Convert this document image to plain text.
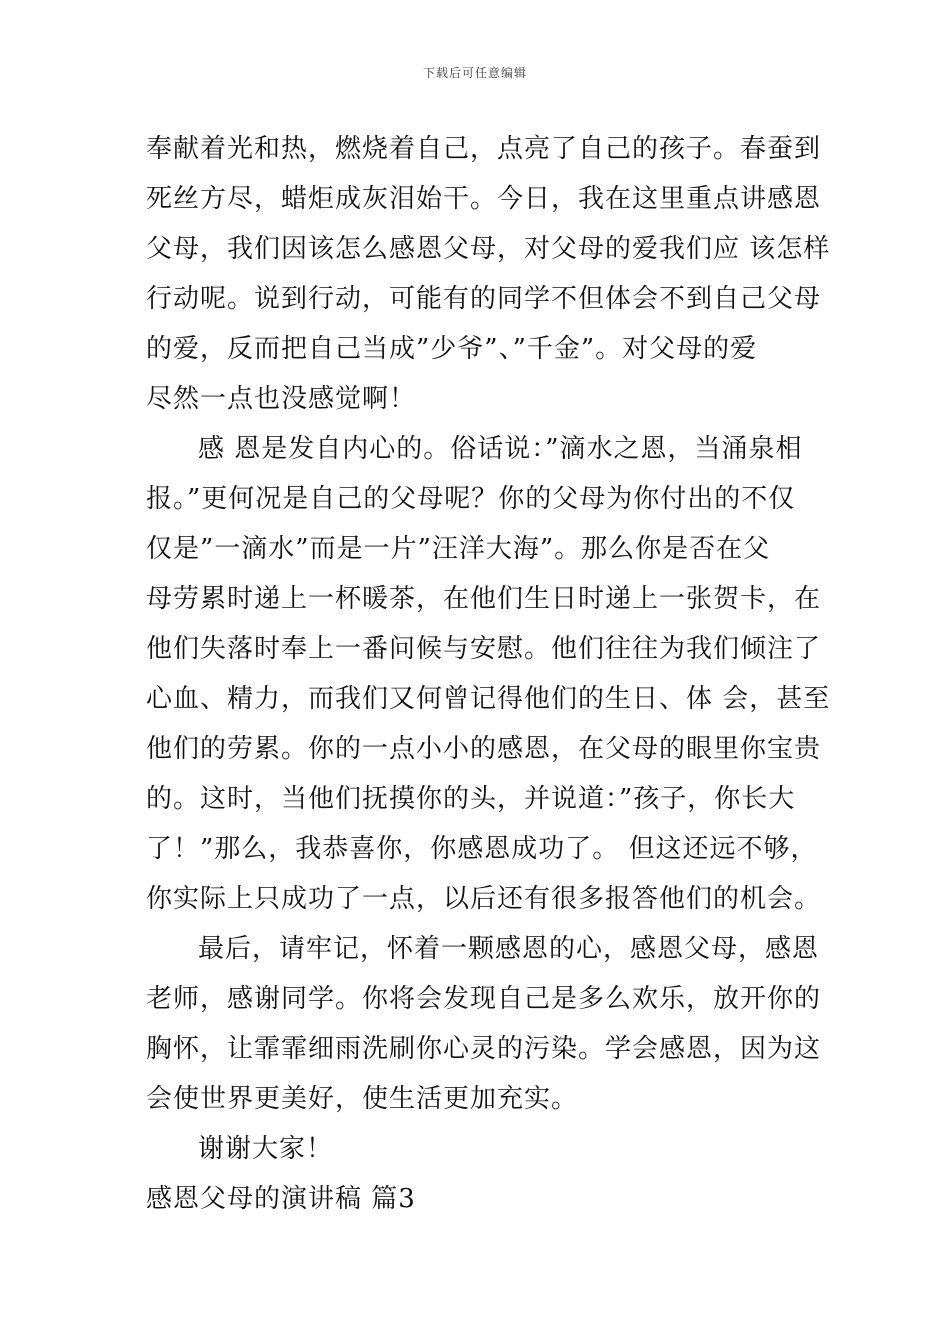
下载后可任意编辑
奉献着光和热，燃烧着自己，点亮了自己的孩子。春蚕到
死丝方尽，蜡炬成灰泪始干。今日，我在这里重点讲感恩
父母，我们因该怎么感恩父母，对父母的爱我们应 该怎样
行动呢。说到行动，可能有的同学不但体会不到自己父母
的爱，反而把自己当成”少爷”、”千金”。对父母的爱
尽然一点也没感觉啊！
感 恩是发自内心的。俗话说：”滴水之恩，当涌泉相
报。”更何况是自己的父母呢？你的父母为你付出的不仅
仅是”一滴水”而是一片”汪洋大海”。那么你是否在父
母劳累时递上一杯暖茶，在他们生日时递上一张贺卡，在
他们失落时奉上一番问候与安慰。他们往往为我们倾注了
心血、精力，而我们又何曾记得他们的生日、体 会，甚至
他们的劳累。你的一点小小的感恩，在父母的眼里你宝贵
的。这时，当他们抚摸你的头，并说道：”孩子，你长大
了！”那么，我恭喜你，你感恩成功了。 但这还远不够，
你实际上只成功了一点，以后还有很多报答他们的机会。
最后，请牢记，怀着一颗感恩的心，感恩父母，感恩
老师，感谢同学。你将会发现自己是多么欢乐，放开你的
胸怀，让霏霏细雨洗刷你心灵的污染。学会感恩，因为这
会使世界更美好，使生活更加充实。
谢谢大家！
感恩父母的演讲稿 篇3
